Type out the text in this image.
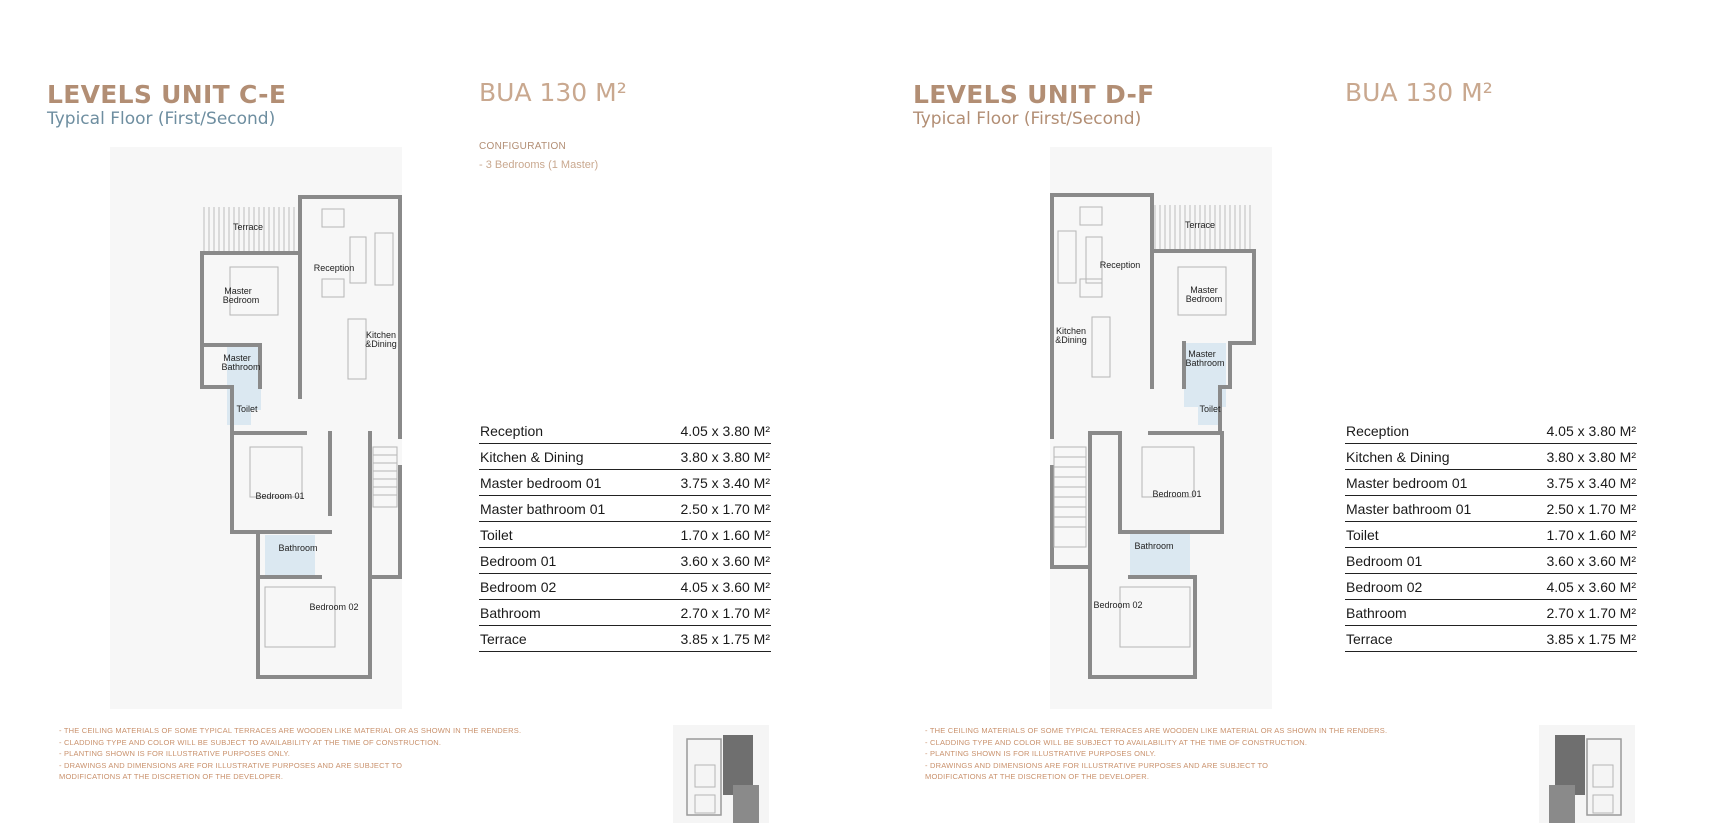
LEVELS UNIT C-E
Typical Floor (First/Second)
BUA 130 M²
CONFIGURATION
- 3 Bedrooms (1 Master)
Terrace
Reception
Master
Bedroom
Kitchen
&Dining
Master
Bathroom
Toilet
Bedroom 01
Bathroom
Bedroom 02
Reception	4.05 x 3.80 M²
Kitchen & Dining	3.80 x 3.80 M²
Master bedroom 01	3.75 x 3.40 M²
Master bathroom 01	2.50 x 1.70 M²
Toilet	1.70 x 1.60 M²
Bedroom 01	3.60 x 3.60 M²
Bedroom 02	4.05 x 3.60 M²
Bathroom	2.70 x 1.70 M²
Terrace	3.85 x 1.75 M²
- THE CEILING MATERIALS OF SOME TYPICAL TERRACES ARE WOODEN LIKE MATERIAL OR AS SHOWN IN THE RENDERS.
- CLADDING TYPE AND COLOR WILL BE SUBJECT TO AVAILABILITY AT THE TIME OF CONSTRUCTION.
- PLANTING SHOWN IS FOR ILLUSTRATIVE PURPOSES ONLY.
- DRAWINGS AND DIMENSIONS ARE FOR ILLUSTRATIVE PURPOSES AND ARE SUBJECT TO
MODIFICATIONS AT THE DISCRETION OF THE DEVELOPER.
LEVELS UNIT D-F
Typical Floor (First/Second)
BUA 130 M²
Terrace
Reception
Master
Bedroom
Kitchen
&Dining
Master
Bathroom
Toilet
Bedroom 01
Bathroom
Bedroom 02
Reception	4.05 x 3.80 M²
Kitchen & Dining	3.80 x 3.80 M²
Master bedroom 01	3.75 x 3.40 M²
Master bathroom 01	2.50 x 1.70 M²
Toilet	1.70 x 1.60 M²
Bedroom 01	3.60 x 3.60 M²
Bedroom 02	4.05 x 3.60 M²
Bathroom	2.70 x 1.70 M²
Terrace	3.85 x 1.75 M²
- THE CEILING MATERIALS OF SOME TYPICAL TERRACES ARE WOODEN LIKE MATERIAL OR AS SHOWN IN THE RENDERS.
- CLADDING TYPE AND COLOR WILL BE SUBJECT TO AVAILABILITY AT THE TIME OF CONSTRUCTION.
- PLANTING SHOWN IS FOR ILLUSTRATIVE PURPOSES ONLY.
- DRAWINGS AND DIMENSIONS ARE FOR ILLUSTRATIVE PURPOSES AND ARE SUBJECT TO
MODIFICATIONS AT THE DISCRETION OF THE DEVELOPER.
